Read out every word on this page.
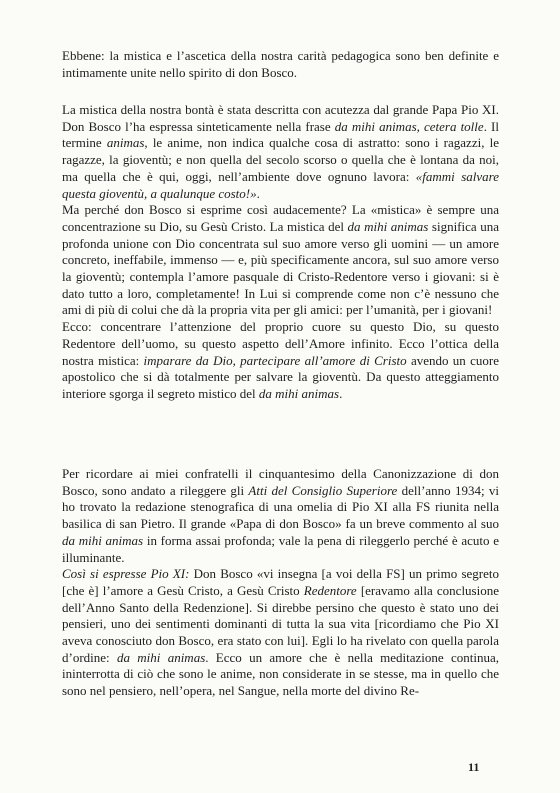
Ebbene: la mistica e l’ascetica della nostra carità pedagogica sono ben definite e intimamente unite nello spirito di don Bosco.

La mistica della nostra bontà è stata descritta con acutezza dal grande Papa Pio XI. Don Bosco l’ha espressa sinteticamente nella frase da mihi animas, cetera tolle. Il termine animas, le anime, non indica qualche cosa di astratto: sono i ragazzi, le ragazze, la gioventù; e non quella del secolo scorso o quella che è lontana da noi, ma quella che è qui, oggi, nell’ambiente dove ognuno lavora: «fammi salvare questa gioventù, a qualunque costo!».

Ma perché don Bosco si esprime così audacemente? La «mistica» è sempre una concentrazione su Dio, su Gesù Cristo. La mistica del da mihi animas significa una profonda unione con Dio concentrata sul suo amore verso gli uomini — un amore concreto, ineffabile, immenso — e, più specificamente ancora, sul suo amore verso la gioventù; contempla l’amore pasquale di Cristo-Redentore verso i giovani: si è dato tutto a loro, completamente! In Lui si comprende come non c’è nessuno che ami di più di colui che dà la propria vita per gli amici: per l’umanità, per i giovani!

Ecco: concentrare l’attenzione del proprio cuore su questo Dio, su questo Redentore dell’uomo, su questo aspetto dell’Amore infinito. Ecco l’ottica della nostra mistica: imparare da Dio, partecipare all’amore di Cristo avendo un cuore apostolico che si dà totalmente per salvare la gioventù. Da questo atteggiamento interiore sgorga il segreto mistico del da mihi animas.

Per ricordare ai miei confratelli il cinquantesimo della Canonizzazione di don Bosco, sono andato a rileggere gli Atti del Consiglio Superiore dell’anno 1934; vi ho trovato la redazione stenografica di una omelia di Pio XI alla FS riunita nella basilica di san Pietro. Il grande «Papa di don Bosco» fa un breve commento al suo da mihi animas in forma assai profonda; vale la pena di rileggerlo perché è acuto e illuminante.

Così si espresse Pio XI: Don Bosco «vi insegna [a voi della FS] un primo segreto [che è] l’amore a Gesù Cristo, a Gesù Cristo Redentore [eravamo alla conclusione dell’Anno Santo della Redenzione]. Si direbbe persino che questo è stato uno dei pensieri, uno dei sentimenti dominanti di tutta la sua vita [ricordiamo che Pio XI aveva conosciuto don Bosco, era stato con lui]. Egli lo ha rivelato con quella parola d’ordine: da mihi animas. Ecco un amore che è nella meditazione continua, ininterrotta di ciò che sono le anime, non considerate in se stesse, ma in quello che sono nel pensiero, nell’opera, nel Sangue, nella morte del divino Re-

11
